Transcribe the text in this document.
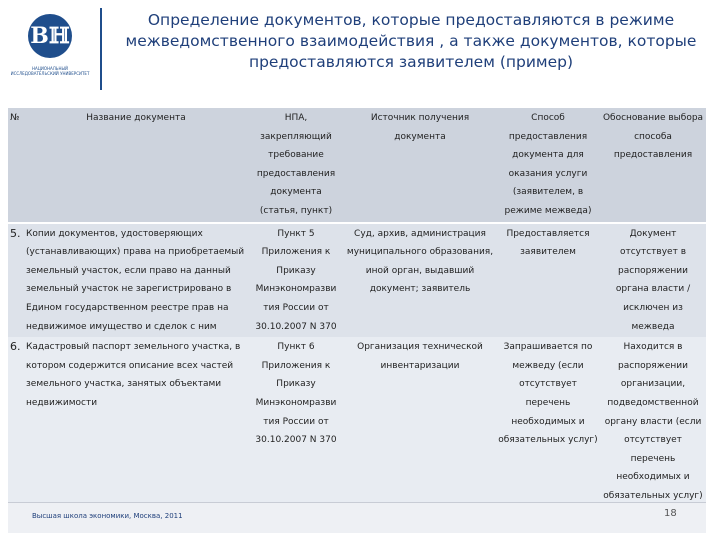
Вℍ
НАЦИОНАЛЬНЫЙ ИССЛЕДОВАТЕЛЬСКИЙ УНИВЕРСИТЕТ
Определение документов, которые предоставляются в режиме межведомственного взаимодействия , а также документов, которые предоставляются заявителем (пример)
№	Название документа	НПА, закрепляющий требование предоставления документа (статья, пункт)	Источник получения документа	Способ предоставления документа для оказания услуги (заявителем, в режиме межведа)	Обоснование выбора способа предоставления
5.	Копии документов, удостоверяющих (устанавливающих) права на приобретаемый земельный участок, если право на данный земельный участок не зарегистрировано в Едином государственном реестре прав на недвижимое имущество и сделок с ним	Пункт 5 Приложения к Приказу Минэкономразви тия России от 30.10.2007 N 370	Суд, архив, администрация муниципального образования, иной орган, выдавший документ; заявитель	Предоставляется заявителем	Документ отсутствует в распоряжении органа власти / исключен из межведа
6.	Кадастровый паспорт земельного участка, в котором содержится описание всех частей земельного участка, занятых объектами недвижимости	Пункт 6 Приложения к Приказу Минэкономразви тия России от 30.10.2007 N 370	Организация технической инвентаризации	Запрашивается по межведу (если отсутствует перечень необходимых и обязательных услуг)	Находится в распоряжении организации, подведомственной органу власти (если отсутствует перечень необходимых и обязательных услуг)
Высшая школа экономики, Москва, 2011	18
